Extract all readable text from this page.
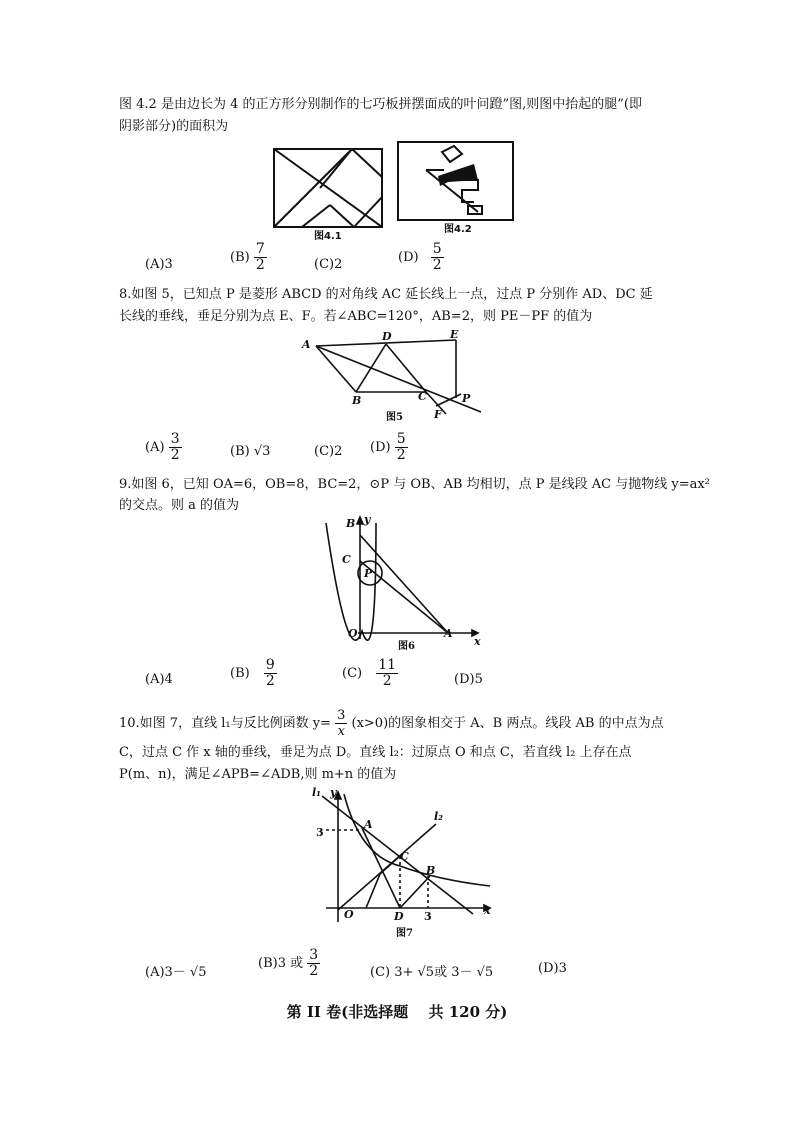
图 4.2 是由边长为 4 的正方形分别制作的七巧板拼摆面成的叶问蹬”图,则图中抬起的腿”(即
阴影部分)的面积为
图4.1
图4.2
(A)3	$(B) \frac{7}{2}$	(C)2	$(D) \frac{5}{2}$
8.如图 5，已知点 P 是菱形 ABCD 的对角线 AC 延长线上一点，过点 P 分别作 AD、DC 延
长线的垂线，垂足分别为点 E、F。若∠ABC=120°，AB=2，则 PE－PF 的值为
A
D	E
B	C	P
F
图5
$(A) \frac{3}{2}$	(B) √3	(C)2 $(D) \frac{5}{2}$
9.如图 6，已知 OA=6，OB=8，BC=2，⊙P 与 OB、AB 均相切，点 P 是线段 AC 与抛物线 y=ax²
的交点。则 a 的值为
B y
C
P
O	A
x
图6
(A)4	$(B) \frac{9}{2}$	$(C) \frac{11}{2}$	(D)5
10.如图 7，直线 l₁与反比例函数 $y= \frac{3}{x} (x>0)$的图象相交于 A、B 两点。线段 AB 的中点为点
C，过点 C 作 x 轴的垂线，垂足为点 D。直线 l₂：过原点 O 和点 C，若直线 l₂ 上存在点
P(m、n)，满足∠APB=∠ADB,则 m+n 的值为
l₁ y
l₂
A
C
B
O	D	x
3
3
图7
(A)3－ √5
(B)3 或 $\frac{3}{2}$	(C) 3+ √5或 3－ √5	(D)3
第 II 卷(非选择题　 共 120 分)
